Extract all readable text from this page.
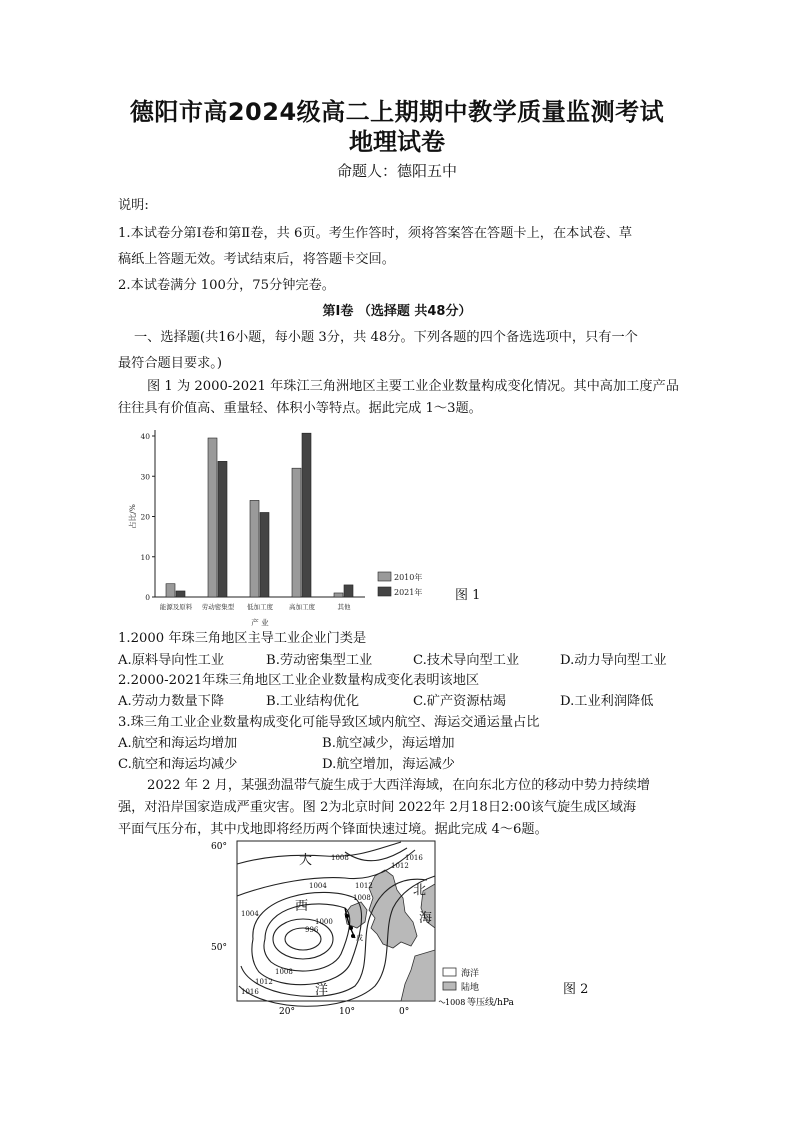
德阳市高2024级高二上期期中教学质量监测考试
地理试卷
命题人：德阳五中
说明:
1.本试卷分第Ⅰ卷和第Ⅱ卷，共 6页。考生作答时，须将答案答在答题卡上，在本试卷、草
稿纸上答题无效。考试结束后，将答题卡交回。
2.本试卷满分 100分，75分钟完卷。
第Ⅰ卷 （选择题 共48分）
一、选择题(共16小题，每小题 3分，共 48分。下列各题的四个备选选项中，只有一个
最符合题目要求。)
图 1 为 2000-2021 年珠江三角洲地区主要工业企业数量构成变化情况。其中高加工度产品
往往具有价值高、重量轻、体积小等特点。据此完成 1～3题。
0
10
20
30
40
占比/%
能源及原料 劳动密集型 低加工度 高加工度	其他
产 业
2010年
2021年	图 1
1.2000 年珠三角地区主导工业企业门类是
A.原料导向性工业	B.劳动密集型工业	C.技术导向型工业	D.动力导向型工业
2.2000-2021年珠三角地区工业企业数量构成变化表明该地区
A.劳动力数量下降	B.工业结构优化	C.矿产资源枯竭	D.工业利润降低
3.珠三角工业企业数量构成变化可能导致区域内航空、海运交通运量占比
A.航空和海运均增加	B.航空减少，海运增加
C.航空和海运均减少	D.航空增加，海运减少
2022 年 2 月，某强劲温带气旋生成于大西洋海域，在向东北方位的移动中势力持续增
强，对沿岸国家造成严重灾害。图 2为北京时间 2022年 2月18日2:00该气旋生成区域海
平面气压分布，其中戊地即将经历两个锋面快速过境。据此完成 4～6题。
1016
1012
1008
1004
1000
996
1004
1008
1012
1016
1008
1012
大
西
洋
北
海
戊
60°
50°
20°	10°	0°
海洋
陆地
1008 等压线/hPa
图 2
